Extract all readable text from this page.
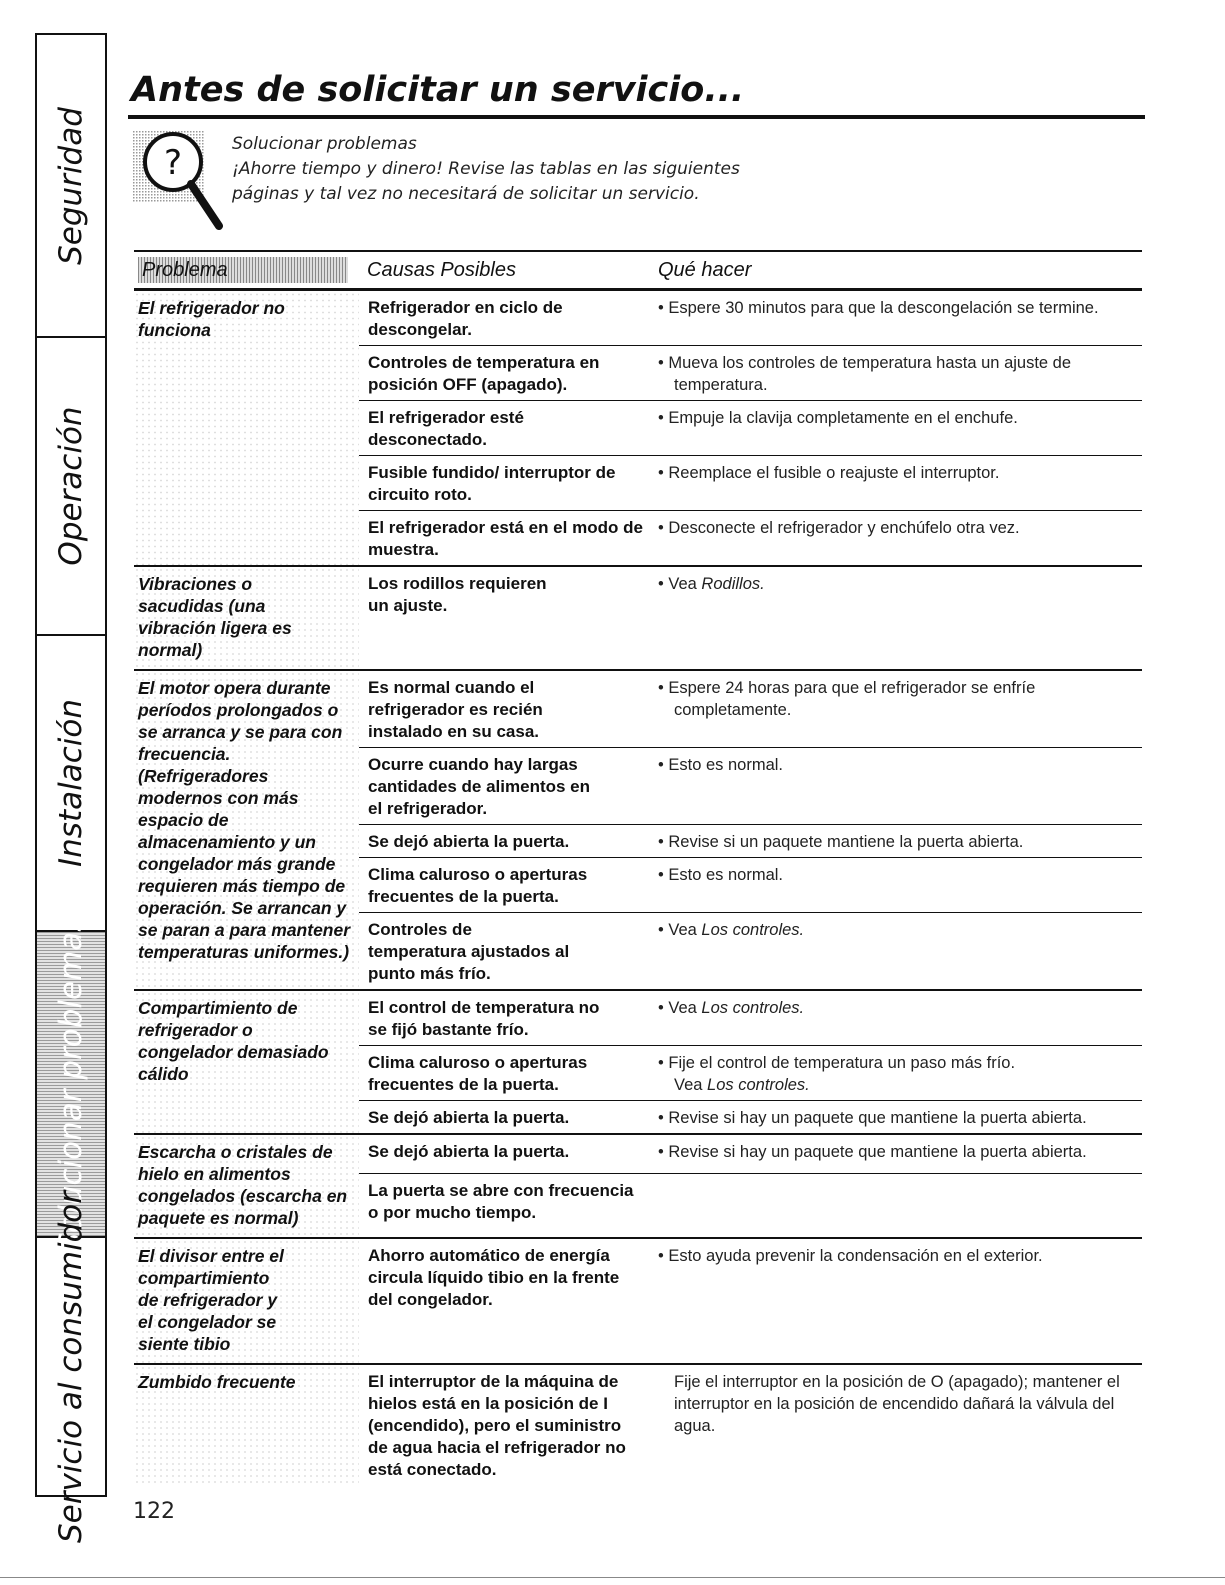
Seguridad
Operación
Instalación
Solucionar problemas
Servicio al consumidor
Antes de solicitar un servicio...
?	Solucionar problemas
¡Ahorre tiempo y dinero! Revise las tablas en las siguientes
páginas y tal vez no necesitará de solicitar un servicio.
Problema	Causas Posibles	Qué hacer
El refrigerador no funciona	Refrigerador en ciclo de descongelar.	• Espere 30 minutos para que la descongelación se termine.

	Controles de temperatura en posición OFF (apagado).	• Mueva los controles de temperatura hasta un ajuste de temperatura.

	El refrigerador esté desconectado.	• Empuje la clavija completamente en el enchufe.

	Fusible fundido/ interruptor de circuito roto.	• Reemplace el fusible o reajuste el interruptor.

	El refrigerador está en el modo de muestra.	• Desconecte el refrigerador y enchúfelo otra vez.

Vibraciones o sacudidas (una vibración ligera es normal)	Los rodillos requieren un ajuste.	• Vea Rodillos.

El motor opera durante períodos prolongados o se arranca y se para con frecuencia. (Refrigeradores modernos con más espacio de almacenamiento y un congelador más grande requieren más tiempo de operación. Se arrancan y se paran a para mantener temperaturas uniformes.)	Es normal cuando el refrigerador es recién instalado en su casa.	• Espere 24 horas para que el refrigerador se enfríe completamente.

	Ocurre cuando hay largas cantidades de alimentos en el refrigerador.	• Esto es normal.

	Se dejó abierta la puerta.	• Revise si un paquete mantiene la puerta abierta.

	Clima caluroso o aperturas frecuentes de la puerta.	• Esto es normal.

	Controles de temperatura ajustados al punto más frío.	• Vea Los controles.

Compartimiento de refrigerador o congelador demasiado cálido	El control de temperatura no se fijó bastante frío.	• Vea Los controles.

	Clima caluroso o aperturas frecuentes de la puerta.	• Fije el control de temperatura un paso más frío.
Vea Los controles.

	Se dejó abierta la puerta.	• Revise si hay un paquete que mantiene la puerta abierta.

Escarcha o cristales de hielo en alimentos congelados (escarcha en paquete es normal)	Se dejó abierta la puerta.	• Revise si hay un paquete que mantiene la puerta abierta.

	La puerta se abre con frecuencia o por mucho tiempo.	
El divisor entre el compartimiento de refrigerador y el congelador se siente tibio	Ahorro automático de energía circula líquido tibio en la frente del congelador.	• Esto ayuda prevenir la condensación en el exterior.

Zumbido frecuente	El interruptor de la máquina de hielos está en la posición de I (encendido), pero el suministro de agua hacia el refrigerador no está conectado.	Fije el interruptor en la posición de O (apagado); mantener el interruptor en la posición de encendido dañará la válvula del agua.
122
